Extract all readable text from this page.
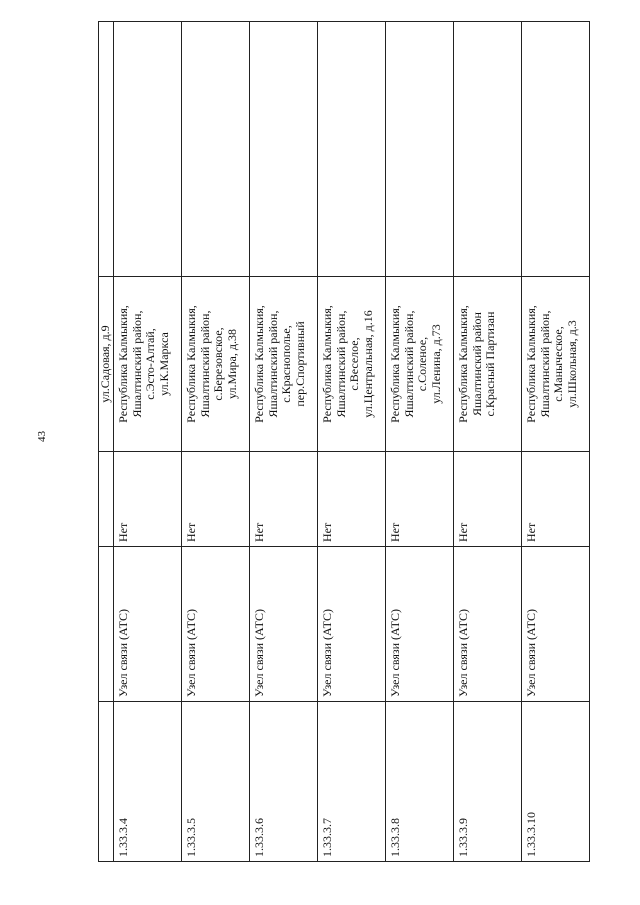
43
			ул.Садовая, д.9	
1.33.3.4	Узел связи (АТС)	Нет	Республика Калмыкия,
Яшалтинский район,
с.Эсто-Алтай,
ул.К.Маркса	
1.33.3.5	Узел связи (АТС)	Нет	Республика Калмыкия,
Яшалтинский район,
с.Березовское,
ул.Мира, д.38	
1.33.3.6	Узел связи (АТС)	Нет	Республика Калмыкия,
Яшалтинский район,
с.Краснополье,
пер.Спортивный	
1.33.3.7	Узел связи (АТС)	Нет	Республика Калмыкия,
Яшалтинский район,
с.Веселое,
ул.Центральная, д.16	
1.33.3.8	Узел связи (АТС)	Нет	Республика Калмыкия,
Яшалтинский район,
с.Соленое,
ул.Ленина, д.73	
1.33.3.9	Узел связи (АТС)	Нет	Республика Калмыкия,
Яшалтинский район
с.Красный Партизан	
1.33.3.10	Узел связи (АТС)	Нет	Республика Калмыкия,
Яшалтинский район,
с.Маныческое,
ул.Школьная, д.3	
